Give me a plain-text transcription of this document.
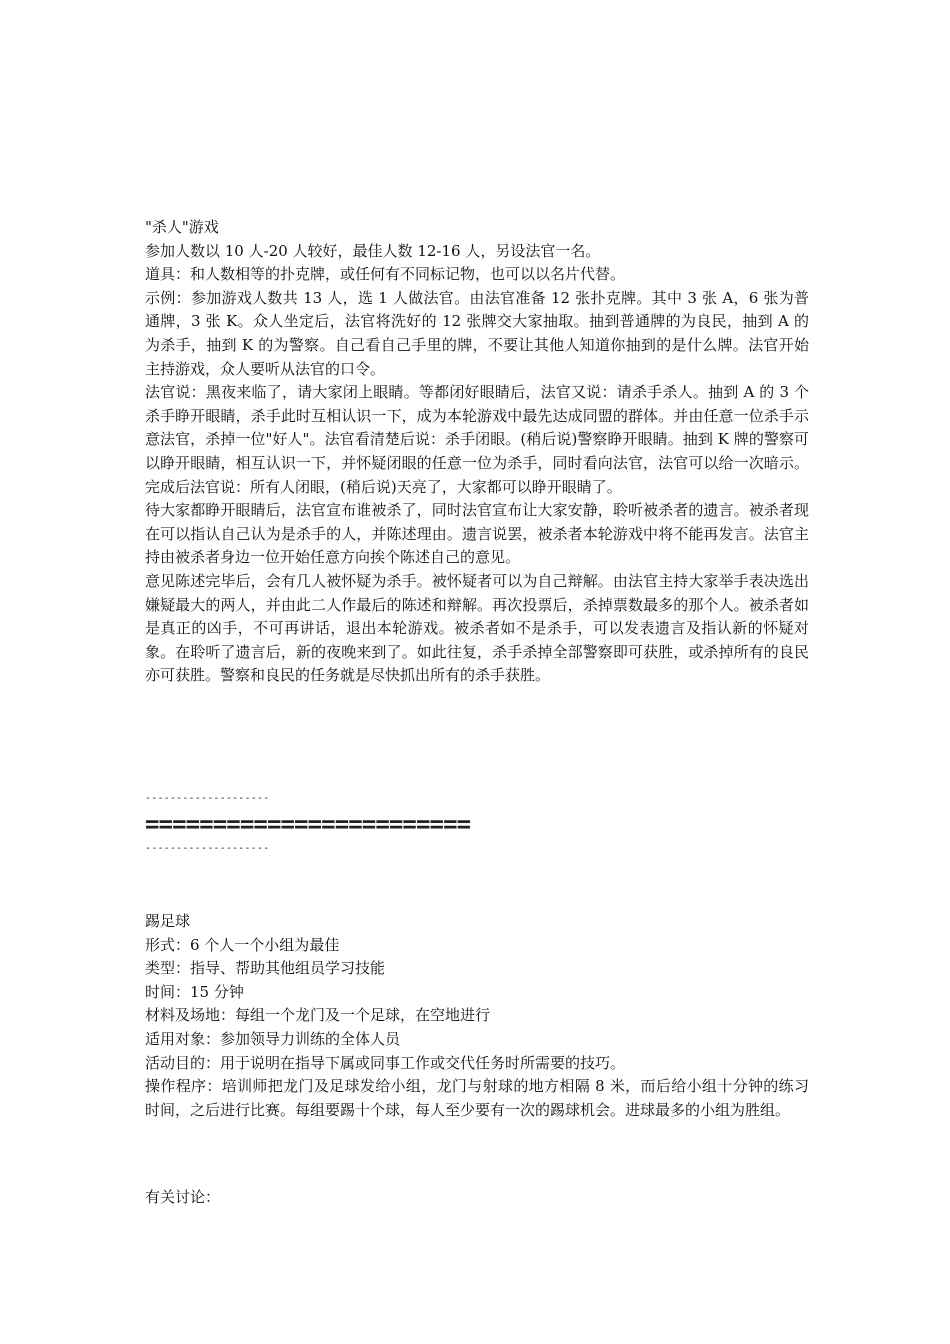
"杀人"游戏

参加人数以 10 人-20 人较好，最佳人数 12-16 人，另设法官一名。

道具：和人数相等的扑克牌，或任何有不同标记物，也可以以名片代替。

示例：参加游戏人数共 13 人，选 1 人做法官。由法官准备 12 张扑克牌。其中 3 张 A，6 张为普通牌，3 张 K。众人坐定后，法官将洗好的 12 张牌交大家抽取。抽到普通牌的为良民，抽到 A 的为杀手，抽到 K 的为警察。自己看自己手里的牌，不要让其他人知道你抽到的是什么牌。法官开始主持游戏，众人要听从法官的口令。

法官说：黑夜来临了，请大家闭上眼睛。等都闭好眼睛后，法官又说：请杀手杀人。抽到 A 的 3 个杀手睁开眼睛，杀手此时互相认识一下，成为本轮游戏中最先达成同盟的群体。并由任意一位杀手示意法官，杀掉一位"好人"。法官看清楚后说：杀手闭眼。(稍后说)警察睁开眼睛。抽到 K 牌的警察可以睁开眼睛，相互认识一下，并怀疑闭眼的任意一位为杀手，同时看向法官，法官可以给一次暗示。完成后法官说：所有人闭眼，(稍后说)天亮了，大家都可以睁开眼睛了。

待大家都睁开眼睛后，法官宣布谁被杀了，同时法官宣布让大家安静，聆听被杀者的遗言。被杀者现在可以指认自己认为是杀手的人，并陈述理由。遗言说罢，被杀者本轮游戏中将不能再发言。法官主持由被杀者身边一位开始任意方向挨个陈述自己的意见。

意见陈述完毕后，会有几人被怀疑为杀手。被怀疑者可以为自己辩解。由法官主持大家举手表决选出嫌疑最大的两人，并由此二人作最后的陈述和辩解。再次投票后，杀掉票数最多的那个人。被杀者如是真正的凶手，不可再讲话，退出本轮游戏。被杀者如不是杀手，可以发表遗言及指认新的怀疑对象。在聆听了遗言后，新的夜晚来到了。如此往复，杀手杀掉全部警察即可获胜，或杀掉所有的良民亦可获胜。警察和良民的任务就是尽快抓出所有的杀手获胜。

--------------------
========================
--------------------

踢足球

形式：6 个人一个小组为最佳

类型：指导、帮助其他组员学习技能

时间：15 分钟

材料及场地：每组一个龙门及一个足球，在空地进行

适用对象：参加领导力训练的全体人员

活动目的：用于说明在指导下属或同事工作或交代任务时所需要的技巧。

操作程序：培训师把龙门及足球发给小组，龙门与射球的地方相隔 8 米，而后给小组十分钟的练习时间，之后进行比赛。每组要踢十个球，每人至少要有一次的踢球机会。进球最多的小组为胜组。

有关讨论：
